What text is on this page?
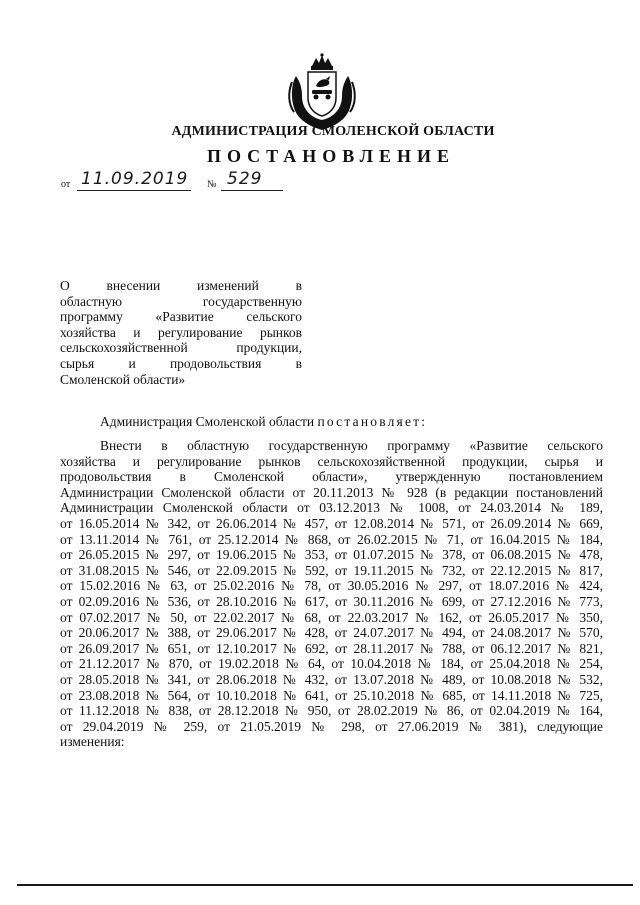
АДМИНИСТРАЦИЯ СМОЛЕНСКОЙ ОБЛАСТИ
ПОСТАНОВЛЕНИЕ
от 11.09.2019 № 529
О внесении изменений в
областную государственную
программу «Развитие сельского
хозяйства и регулирование рынков
сельскохозяйственной продукции,
сырья и продовольствия в
Смоленской области»
Администрация Смоленской области постановляет:
Внести в областную государственную программу «Развитие сельского
хозяйства и регулирование рынков сельскохозяйственной продукции, сырья и
продовольствия в Смоленской области», утвержденную постановлением
Администрации Смоленской области от 20.11.2013 № 928 (в редакции постановлений
Администрации Смоленской области от 03.12.2013 № 1008, от 24.03.2014 № 189,
от 16.05.2014 № 342, от 26.06.2014 № 457, от 12.08.2014 № 571, от 26.09.2014 № 669,
от 13.11.2014 № 761, от 25.12.2014 № 868, от 26.02.2015 № 71, от 16.04.2015 № 184,
от 26.05.2015 № 297, от 19.06.2015 № 353, от 01.07.2015 № 378, от 06.08.2015 № 478,
от 31.08.2015 № 546, от 22.09.2015 № 592, от 19.11.2015 № 732, от 22.12.2015 № 817,
от 15.02.2016 № 63, от 25.02.2016 № 78, от 30.05.2016 № 297, от 18.07.2016 № 424,
от 02.09.2016 № 536, от 28.10.2016 № 617, от 30.11.2016 № 699, от 27.12.2016 № 773,
от 07.02.2017 № 50, от 22.02.2017 № 68, от 22.03.2017 № 162, от 26.05.2017 № 350,
от 20.06.2017 № 388, от 29.06.2017 № 428, от 24.07.2017 № 494, от 24.08.2017 № 570,
от 26.09.2017 № 651, от 12.10.2017 № 692, от 28.11.2017 № 788, от 06.12.2017 № 821,
от 21.12.2017 № 870, от 19.02.2018 № 64, от 10.04.2018 № 184, от 25.04.2018 № 254,
от 28.05.2018 № 341, от 28.06.2018 № 432, от 13.07.2018 № 489, от 10.08.2018 № 532,
от 23.08.2018 № 564, от 10.10.2018 № 641, от 25.10.2018 № 685, от 14.11.2018 № 725,
от 11.12.2018 № 838, от 28.12.2018 № 950, от 28.02.2019 № 86, от 02.04.2019 № 164,
от 29.04.2019 № 259, от 21.05.2019 № 298, от 27.06.2019 № 381), следующие
изменения:
